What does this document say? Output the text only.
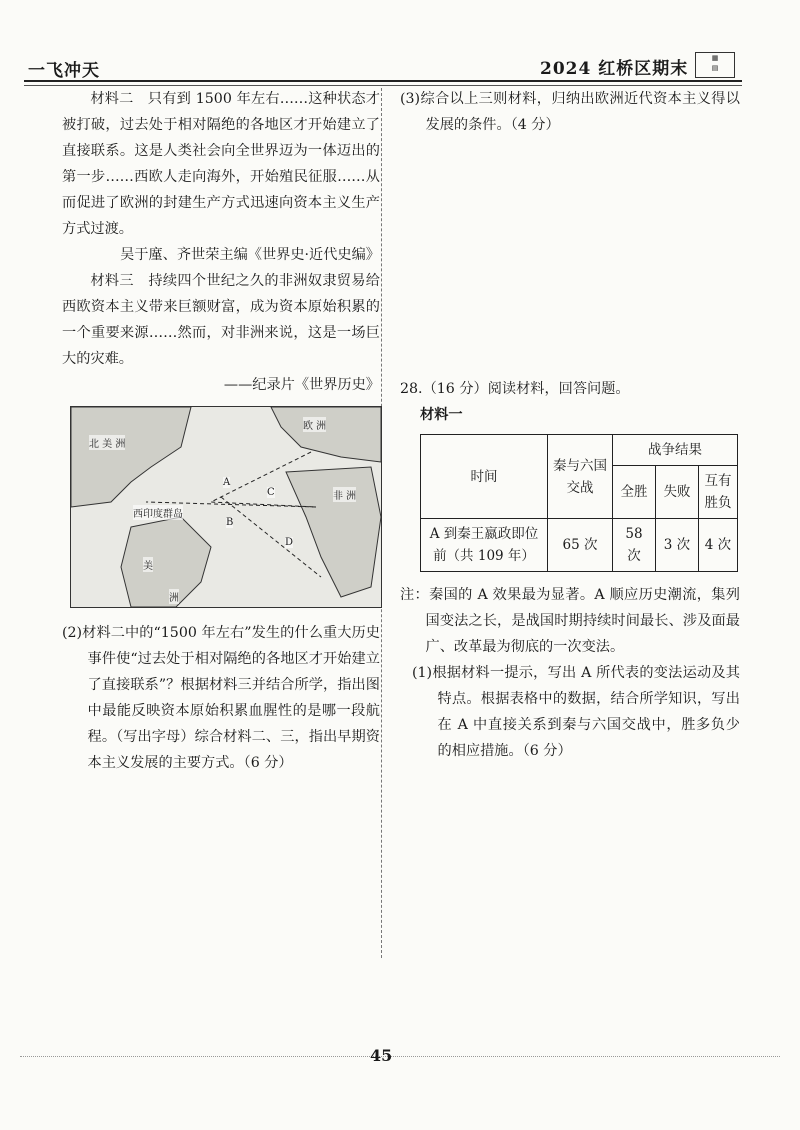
一飞冲天	2024 红桥区期末
▦
▤

材料二　只有到 1500 年左右……这种状态才被打破，过去处于相对隔绝的各地区才开始建立了直接联系。这是人类社会向全世界迈为一体迈出的第一步……西欧人走向海外，开始殖民征服……从而促进了欧洲的封建生产方式迅速向资本主义生产方式过渡。

吴于廑、齐世荣主编《世界史·近代史编》

材料三　持续四个世纪之久的非洲奴隶贸易给西欧资本主义带来巨额财富，成为资本原始积累的一个重要来源……然而，对非洲来说，这是一场巨大的灾难。

——纪录片《世界历史》

北 美 洲
欧 洲
非 洲
美
洲
A
B
C
D
西印度群岛

(2)材料二中的“1500 年左右”发生的什么重大历史事件使“过去处于相对隔绝的各地区才开始建立了直接联系”？根据材料三并结合所学，指出图中最能反映资本原始积累血腥性的是哪一段航程。（写出字母）综合材料二、三，指出早期资本主义发展的主要方式。（6 分）

(3)综合以上三则材料，归纳出欧洲近代资本主义得以发展的条件。（4 分）

28.（16 分）阅读材料，回答问题。

材料一

时间	秦与六国交战	战争结果		
		全胜	失败	互有胜负
A 到秦王嬴政即位前（共 109 年）	65 次	58 次	3 次	4 次

注：秦国的 A 效果最为显著。A 顺应历史潮流，集列国变法之长，是战国时期持续时间最长、涉及面最广、改革最为彻底的一次变法。

(1)根据材料一提示，写出 A 所代表的变法运动及其特点。根据表格中的数据，结合所学知识，写出在 A 中直接关系到秦与六国交战中，胜多负少的相应措施。（6 分）

45
